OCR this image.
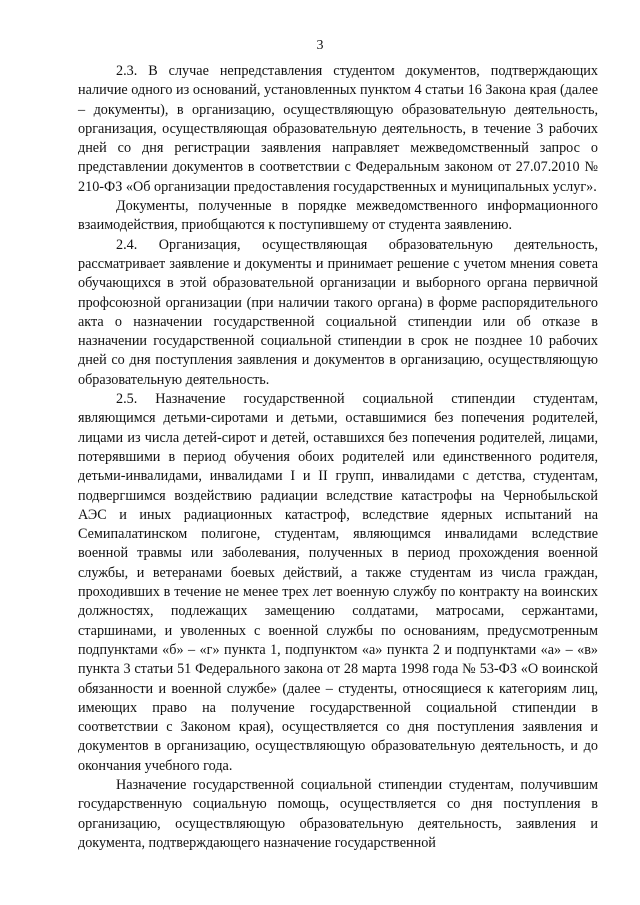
3

2.3. В случае непредставления студентом документов, подтверждающих наличие одного из оснований, установленных пунктом 4 статьи 16 Закона края (далее – документы), в организацию, осуществляющую образовательную деятельность, организация, осуществляющая образовательную деятельность, в течение 3 рабочих дней со дня регистрации заявления направляет межведомственный запрос о представлении документов в соответствии с Федеральным законом от 27.07.2010 № 210-ФЗ «Об организации предоставления государственных и муниципальных услуг».

Документы, полученные в порядке межведомственного информационного взаимодействия, приобщаются к поступившему от студента заявлению.

2.4. Организация, осуществляющая образовательную деятельность, рассматривает заявление и документы и принимает решение с учетом мнения совета обучающихся в этой образовательной организации и выборного органа первичной профсоюзной организации (при наличии такого органа) в форме распорядительного акта о назначении государственной социальной стипендии или об отказе в назначении государственной социальной стипендии в срок не позднее 10 рабочих дней со дня поступления заявления и документов в организацию, осуществляющую образовательную деятельность.

2.5. Назначение государственной социальной стипендии студентам, являющимся детьми-сиротами и детьми, оставшимися без попечения родителей, лицами из числа детей-сирот и детей, оставшихся без попечения родителей, лицами, потерявшими в период обучения обоих родителей или единственного родителя, детьми-инвалидами, инвалидами I и II групп, инвалидами с детства, студентам, подвергшимся воздействию радиации вследствие катастрофы на Чернобыльской АЭС и иных радиационных катастроф, вследствие ядерных испытаний на Семипалатинском полигоне, студентам, являющимся инвалидами вследствие военной травмы или заболевания, полученных в период прохождения военной службы, и ветеранами боевых действий, а также студентам из числа граждан, проходивших в течение не менее трех лет военную службу по контракту на воинских должностях, подлежащих замещению солдатами, матросами, сержантами, старшинами, и уволенных с военной службы по основаниям, предусмотренным подпунктами «б» – «г» пункта 1, подпунктом «а» пункта 2 и подпунктами «а» – «в» пункта 3 статьи 51 Федерального закона от 28 марта 1998 года № 53-ФЗ «О воинской обязанности и военной службе» (далее – студенты, относящиеся к категориям лиц, имеющих право на получение государственной социальной стипендии в соответствии с Законом края), осуществляется со дня поступления заявления и документов в организацию, осуществляющую образовательную деятельность, и до окончания учебного года.

Назначение государственной социальной стипендии студентам, получившим государственную социальную помощь, осуществляется со дня поступления в организацию, осуществляющую образовательную деятельность, заявления и документа, подтверждающего назначение государственной
